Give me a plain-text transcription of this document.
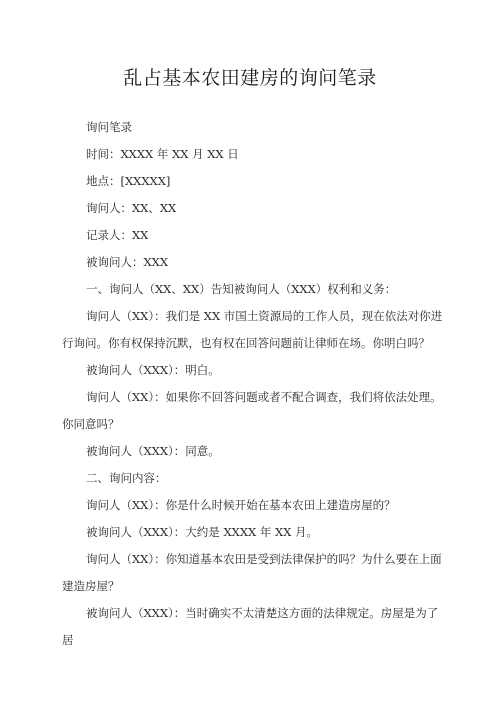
乱占基本农田建房的询问笔录

询问笔录

时间：XXXX 年 XX 月 XX 日

地点：[XXXXX]

询问人：XX、XX

记录人：XX

被询问人：XXX

一、询问人（XX、XX）告知被询问人（XXX）权利和义务：

询问人（XX）：我们是 XX 市国土资源局的工作人员，现在依法对你进行询问。你有权保持沉默，也有权在回答问题前让律师在场。你明白吗？

被询问人（XXX）：明白。

询问人（XX）：如果你不回答问题或者不配合调查，我们将依法处理。你同意吗？

被询问人（XXX）：同意。

二、询问内容：

询问人（XX）：你是什么时候开始在基本农田上建造房屋的？

被询问人（XXX）：大约是 XXXX 年 XX 月。

询问人（XX）：你知道基本农田是受到法律保护的吗？为什么要在上面建造房屋？

被询问人（XXX）：当时确实不太清楚这方面的法律规定。房屋是为了居
